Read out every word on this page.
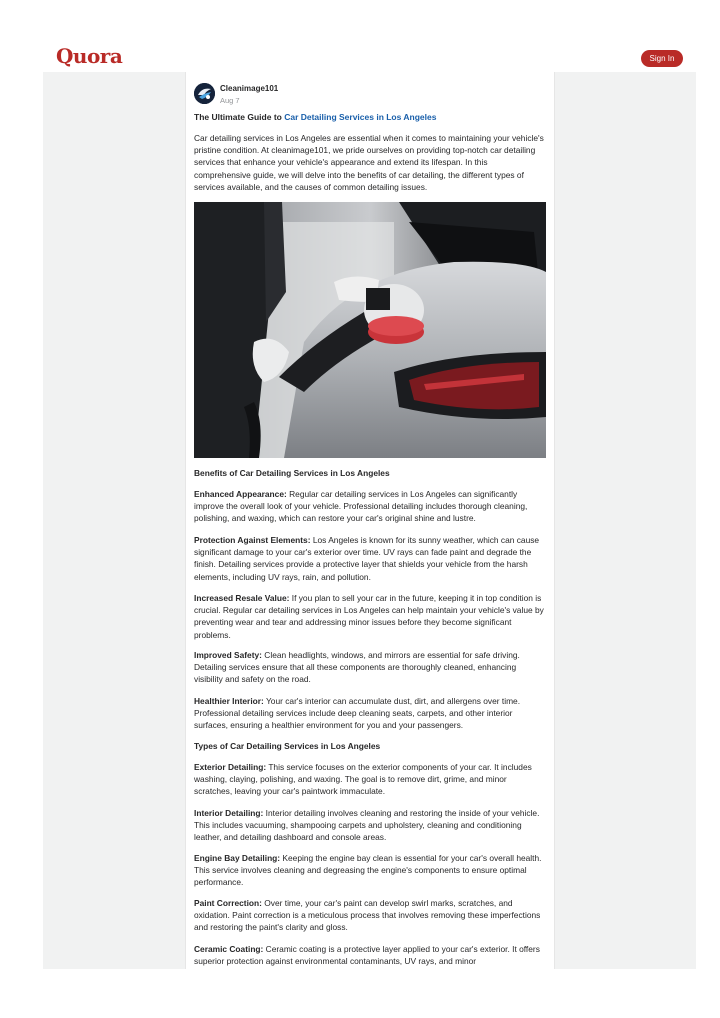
Quora	Sign In
Cleanimage101
Aug 7
The Ultimate Guide to Car Detailing Services in Los Angeles
Car detailing services in Los Angeles are essential when it comes to maintaining your vehicle's pristine condition. At cleanimage101, we pride ourselves on providing top-notch car detailing services that enhance your vehicle's appearance and extend its lifespan. In this comprehensive guide, we will delve into the benefits of car detailing, the different types of services available, and the causes of common detailing issues.
Benefits of Car Detailing Services in Los Angeles
Enhanced Appearance: Regular car detailing services in Los Angeles can significantly improve the overall look of your vehicle. Professional detailing includes thorough cleaning, polishing, and waxing, which can restore your car's original shine and lustre.
Protection Against Elements: Los Angeles is known for its sunny weather, which can cause significant damage to your car's exterior over time. UV rays can fade paint and degrade the finish. Detailing services provide a protective layer that shields your vehicle from the harsh elements, including UV rays, rain, and pollution.
Increased Resale Value: If you plan to sell your car in the future, keeping it in top condition is crucial. Regular car detailing services in Los Angeles can help maintain your vehicle's value by preventing wear and tear and addressing minor issues before they become significant problems.
Improved Safety: Clean headlights, windows, and mirrors are essential for safe driving. Detailing services ensure that all these components are thoroughly cleaned, enhancing visibility and safety on the road.
Healthier Interior: Your car's interior can accumulate dust, dirt, and allergens over time. Professional detailing services include deep cleaning seats, carpets, and other interior surfaces, ensuring a healthier environment for you and your passengers.
Types of Car Detailing Services in Los Angeles
Exterior Detailing: This service focuses on the exterior components of your car. It includes washing, claying, polishing, and waxing. The goal is to remove dirt, grime, and minor scratches, leaving your car's paintwork immaculate.
Interior Detailing: Interior detailing involves cleaning and restoring the inside of your vehicle. This includes vacuuming, shampooing carpets and upholstery, cleaning and conditioning leather, and detailing dashboard and console areas.
Engine Bay Detailing: Keeping the engine bay clean is essential for your car's overall health. This service involves cleaning and degreasing the engine's components to ensure optimal performance.
Paint Correction: Over time, your car's paint can develop swirl marks, scratches, and oxidation. Paint correction is a meticulous process that involves removing these imperfections and restoring the paint's clarity and gloss.
Ceramic Coating: Ceramic coating is a protective layer applied to your car's exterior. It offers superior protection against environmental contaminants, UV rays, and minor
